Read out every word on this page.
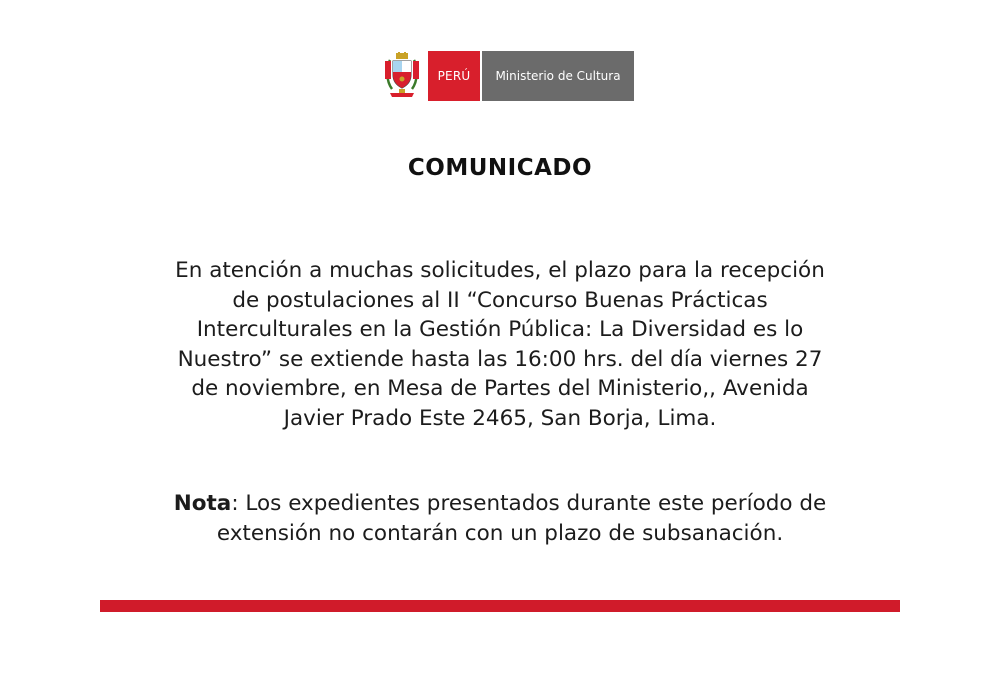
PERÚ	Ministerio de Cultura
COMUNICADO
En atención a muchas solicitudes, el plazo para la recepción
de postulaciones al II “Concurso Buenas Prácticas
Interculturales en la Gestión Pública: La Diversidad es lo
Nuestro” se extiende hasta las 16:00 hrs. del día viernes 27
de noviembre, en Mesa de Partes del Ministerio,, Avenida
Javier Prado Este 2465, San Borja, Lima.
Nota: Los expedientes presentados durante este período de
extensión no contarán con un plazo de subsanación.
